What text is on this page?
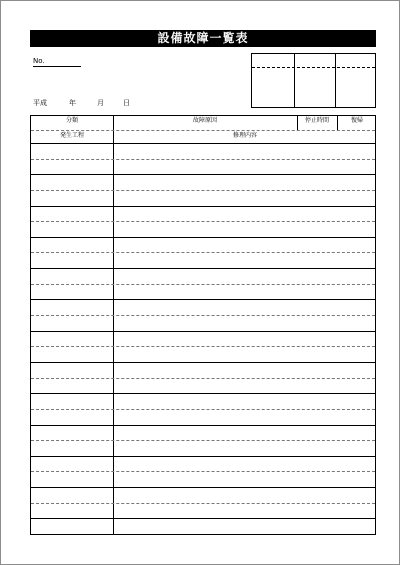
設備故障一覧表
No.
平成	年	月	日
分類	故障原因	停止時間	復帰
発生工程	修理内容
